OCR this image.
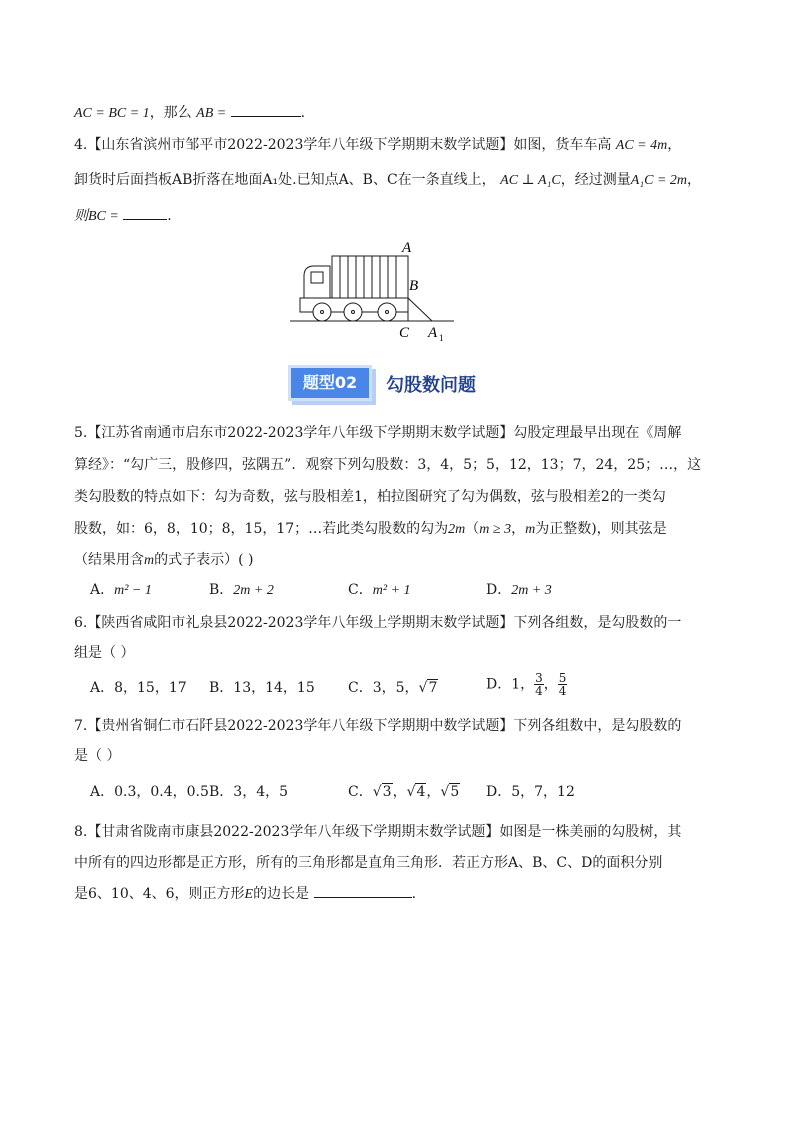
AC = BC = 1，那么 AB =	.
4.【山东省滨州市邹平市2022-2023学年八年级下学期期末数学试题】如图，货车车高 AC = 4m，
卸货时后面挡板AB折落在地面A₁处.已知点A、B、C在一条直线上， AC ⊥ A₁C，经过测量A₁C = 2m，
则BC =	.
A
B
C A 1
题型02	勾股数问题
5.【江苏省南通市启东市2022-2023学年八年级下学期期末数学试题】勾股定理最早出现在《周解
算经》：“勾广三，股修四，弦隅五”．观察下列勾股数：3，4，5；5，12，13；7，24，25；…，这
类勾股数的特点如下：勾为奇数，弦与股相差1，柏拉图研究了勾为偶数，弦与股相差2的一类勾
股数，如：6，8，10；8，15，17；…若此类勾股数的勾为2m（m ≥ 3，m为正整数)，则其弦是
（结果用含m的式子表示）( )
A．m² − 1	B．2m + 2	C．m² + 1	D．2m + 3
6.【陕西省咸阳市礼泉县2022-2023学年八年级上学期期末数学试题】下列各组数，是勾股数的一
组是（ ）
A．8，15，17 B．13，14，15 C．3，5，√7	D．1， $\frac{3}{4}$ ， $\frac{5}{4}$
7.【贵州省铜仁市石阡县2022-2023学年八年级下学期期中数学试题】下列各组数中，是勾股数的
是（ ）
A．0.3，0.4，0.5 B．3，4，5	C．√3，√4，√5 D．5，7，12
8.【甘肃省陇南市康县2022-2023学年八年级下学期期末数学试题】如图是一株美丽的勾股树，其
中所有的四边形都是正方形，所有的三角形都是直角三角形．若正方形A、B、C、D的面积分别
是6、10、4、6，则正方形E的边长是	.
